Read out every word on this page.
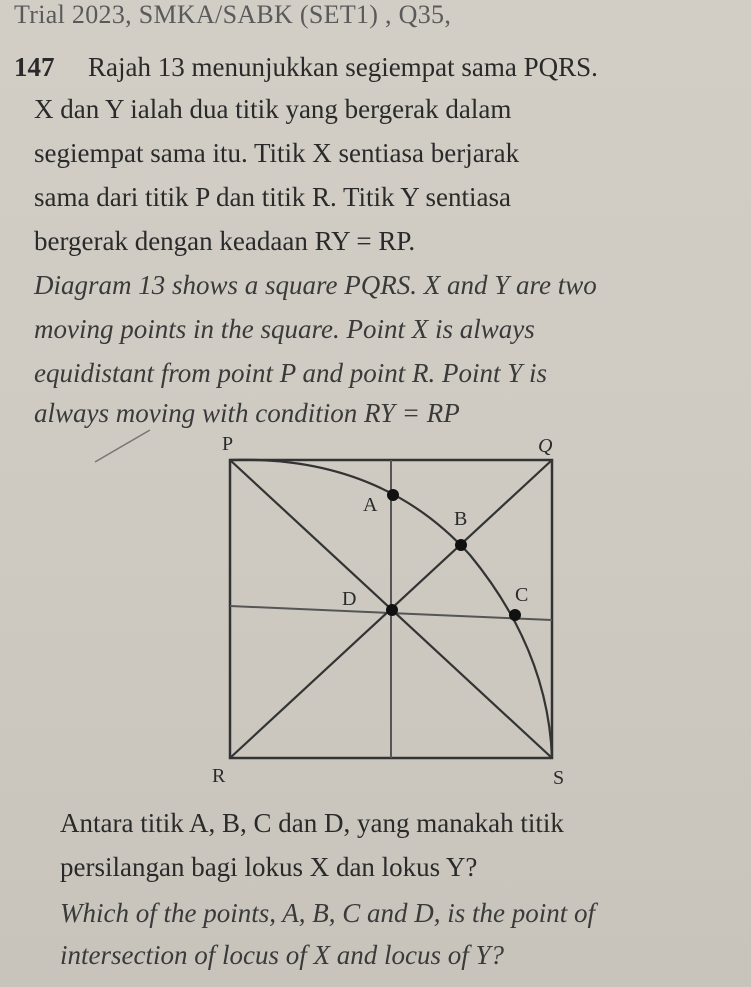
Trial 2023, SMKA/SABK (SET1) , Q35,
147 Rajah 13 menunjukkan segiempat sama PQRS.
X dan Y ialah dua titik yang bergerak dalam
segiempat sama itu. Titik X sentiasa berjarak
sama dari titik P dan titik R. Titik Y sentiasa
bergerak dengan keadaan RY = RP.
Diagram 13 shows a square PQRS. X and Y are two
moving points in the square. Point X is always
equidistant from point P and point R. Point Y is
always moving with condition RY = RP
P	Q
R	S
A
B
C
D
Antara titik A, B, C dan D, yang manakah titik
persilangan bagi lokus X dan lokus Y?
Which of the points, A, B, C and D, is the point of
intersection of locus of X and locus of Y?
